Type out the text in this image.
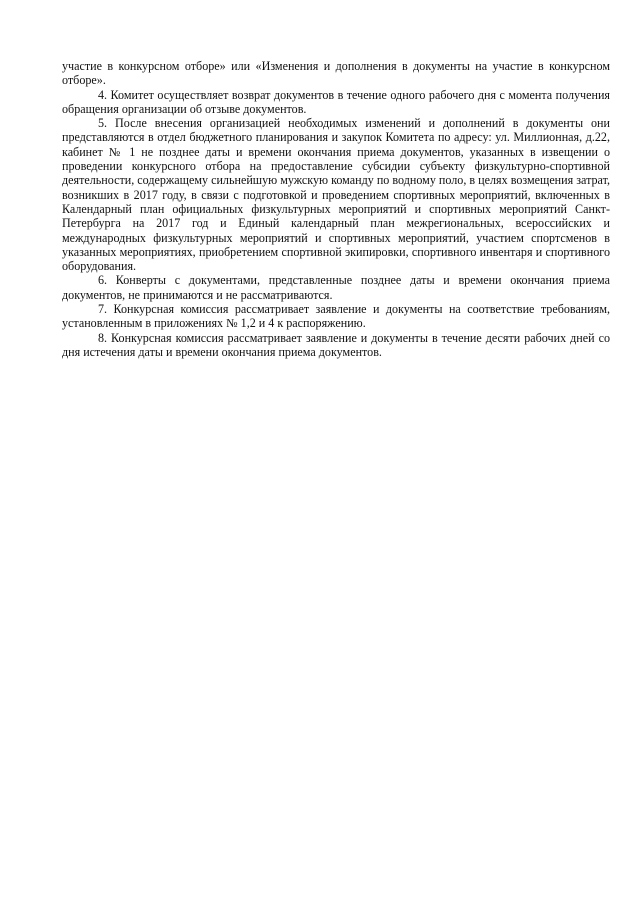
участие в конкурсном отборе» или «Изменения и дополнения в документы на участие в конкурсном отборе».

4. Комитет осуществляет возврат документов в течение одного рабочего дня с момента получения обращения организации об отзыве документов.

5. После внесения организацией необходимых изменений и дополнений в документы они представляются в отдел бюджетного планирования и закупок Комитета по адресу: ул. Миллионная, д.22, кабинет № 1 не позднее даты и времени окончания приема документов, указанных в извещении о проведении конкурсного отбора на предоставление субсидии субъекту физкультурно-спортивной деятельности, содержащему сильнейшую мужскую команду по водному поло, в целях возмещения затрат, возникших в 2017 году, в связи с подготовкой и проведением спортивных мероприятий, включенных в Календарный план официальных физкультурных мероприятий и спортивных мероприятий Санкт-Петербурга на 2017 год и Единый календарный план межрегиональных, всероссийских и международных физкультурных мероприятий и спортивных мероприятий, участием спортсменов в указанных мероприятиях, приобретением спортивной экипировки, спортивного инвентаря и спортивного оборудования.

6. Конверты с документами, представленные позднее даты и времени окончания приема документов, не принимаются и не рассматриваются.

7. Конкурсная комиссия рассматривает заявление и документы на соответствие требованиям, установленным в приложениях № 1,2 и 4 к распоряжению.

8. Конкурсная комиссия рассматривает заявление и документы в течение десяти рабочих дней со дня истечения даты и времени окончания приема документов.
